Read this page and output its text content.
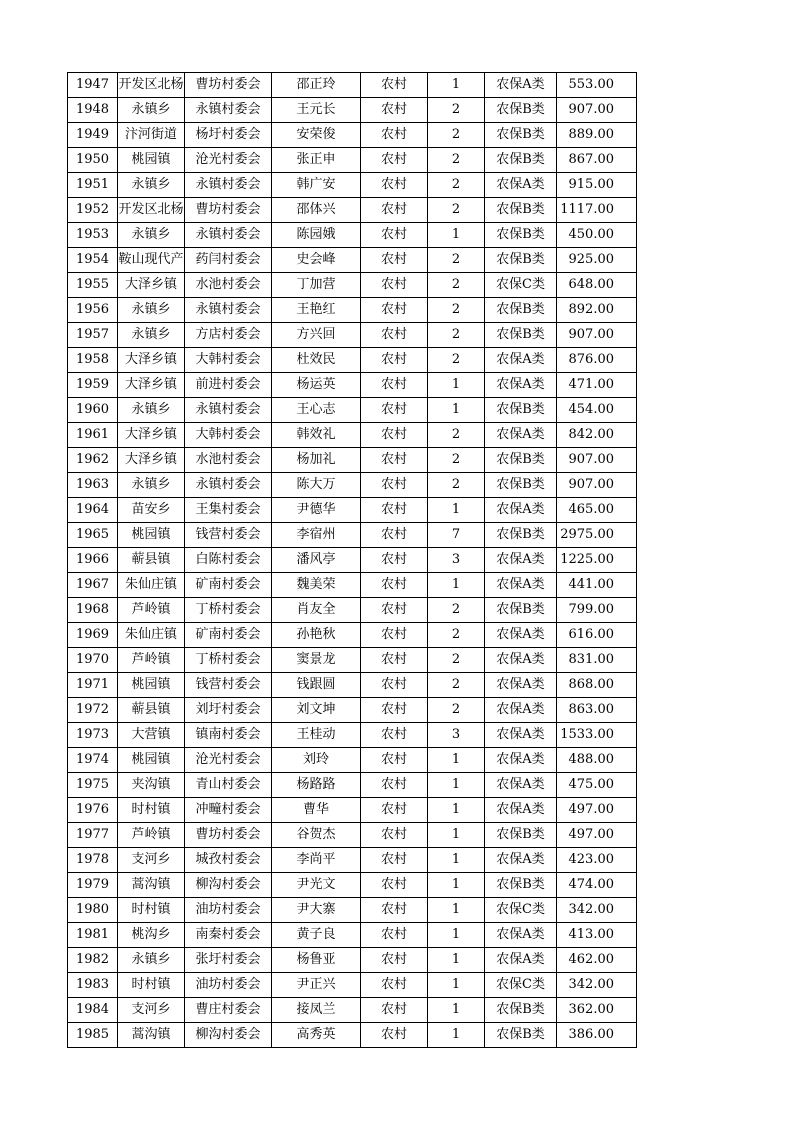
1947	开发区北杨	曹坊村委会	邵正玲	农村	1	农保A类	553.00
1948	永镇乡	永镇村委会	王元长	农村	2	农保B类	907.00
1949	汴河街道	杨圩村委会	安荣俊	农村	2	农保B类	889.00
1950	桃园镇	沧光村委会	张正申	农村	2	农保B类	867.00
1951	永镇乡	永镇村委会	韩广安	农村	2	农保A类	915.00
1952	开发区北杨	曹坊村委会	邵体兴	农村	2	农保B类	1117.00
1953	永镇乡	永镇村委会	陈园娥	农村	1	农保B类	450.00
1954	鞍山现代产	药闫村委会	史会峰	农村	2	农保B类	925.00
1955	大泽乡镇	水池村委会	丁加营	农村	2	农保C类	648.00
1956	永镇乡	永镇村委会	王艳红	农村	2	农保B类	892.00
1957	永镇乡	方店村委会	方兴回	农村	2	农保B类	907.00
1958	大泽乡镇	大韩村委会	杜效民	农村	2	农保A类	876.00
1959	大泽乡镇	前进村委会	杨运英	农村	1	农保A类	471.00
1960	永镇乡	永镇村委会	王心志	农村	1	农保B类	454.00
1961	大泽乡镇	大韩村委会	韩效礼	农村	2	农保A类	842.00
1962	大泽乡镇	水池村委会	杨加礼	农村	2	农保B类	907.00
1963	永镇乡	永镇村委会	陈大万	农村	2	农保B类	907.00
1964	苗安乡	王集村委会	尹德华	农村	1	农保A类	465.00
1965	桃园镇	钱营村委会	李宿州	农村	7	农保B类	2975.00
1966	蕲县镇	白陈村委会	潘风亭	农村	3	农保A类	1225.00
1967	朱仙庄镇	矿南村委会	魏美荣	农村	1	农保A类	441.00
1968	芦岭镇	丁桥村委会	肖友全	农村	2	农保B类	799.00
1969	朱仙庄镇	矿南村委会	孙艳秋	农村	2	农保A类	616.00
1970	芦岭镇	丁桥村委会	窦景龙	农村	2	农保A类	831.00
1971	桃园镇	钱营村委会	钱跟圆	农村	2	农保A类	868.00
1972	蕲县镇	刘圩村委会	刘文坤	农村	2	农保A类	863.00
1973	大营镇	镇南村委会	王桂动	农村	3	农保A类	1533.00
1974	桃园镇	沧光村委会	刘玲	农村	1	农保A类	488.00
1975	夹沟镇	青山村委会	杨路路	农村	1	农保A类	475.00
1976	时村镇	冲疃村委会	曹华	农村	1	农保A类	497.00
1977	芦岭镇	曹坊村委会	谷贺杰	农村	1	农保B类	497.00
1978	支河乡	城孜村委会	李尚平	农村	1	农保A类	423.00
1979	蒿沟镇	柳沟村委会	尹光文	农村	1	农保B类	474.00
1980	时村镇	油坊村委会	尹大寨	农村	1	农保C类	342.00
1981	桃沟乡	南秦村委会	黄子良	农村	1	农保A类	413.00
1982	永镇乡	张圩村委会	杨鲁亚	农村	1	农保A类	462.00
1983	时村镇	油坊村委会	尹正兴	农村	1	农保C类	342.00
1984	支河乡	曹庄村委会	接凤兰	农村	1	农保B类	362.00
1985	蒿沟镇	柳沟村委会	高秀英	农村	1	农保B类	386.00
